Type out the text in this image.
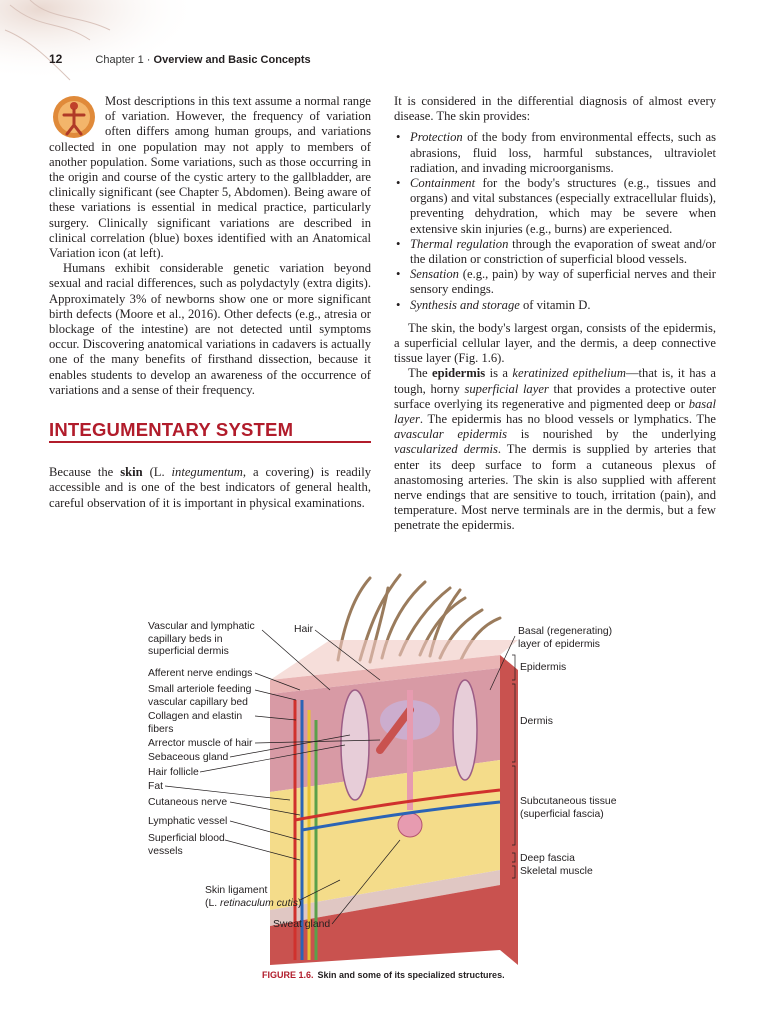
12	Chapter 1 · Overview and Basic Concepts

Most descriptions in this text assume a normal range of variation. However, the frequency of variation often differs among human groups, and variations collected in one population may not apply to members of another population. Some variations, such as those occurring in the origin and course of the cystic artery to the gallbladder, are clinically significant (see Chapter 5, Abdomen). Being aware of these variations is essential in medical practice, particularly surgery. Clinically significant variations are described in clinical correlation (blue) boxes identified with an Anatomical Variation icon (at left).

Humans exhibit considerable genetic variation beyond sexual and racial differences, such as polydactyly (extra digits). Approximately 3% of newborns show one or more significant birth defects (Moore et al., 2016). Other defects (e.g., atresia or blockage of the intestine) are not detected until symptoms occur. Discovering anatomical variations in cadavers is actually one of the many benefits of firsthand dissection, because it enables students to develop an awareness of the occurrence of variations and a sense of their frequency.

INTEGUMENTARY SYSTEM

Because the skin (L. integumentum, a covering) is readily accessible and is one of the best indicators of general health, careful observation of it is important in physical examinations.

It is considered in the differential diagnosis of almost every disease. The skin provides:

• Protection of the body from environmental effects, such as abrasions, fluid loss, harmful substances, ultraviolet radiation, and invading microorganisms.
• Containment for the body's structures (e.g., tissues and organs) and vital substances (especially extracellular fluids), preventing dehydration, which may be severe when extensive skin injuries (e.g., burns) are experienced.
• Thermal regulation through the evaporation of sweat and/or the dilation or constriction of superficial blood vessels.
• Sensation (e.g., pain) by way of superficial nerves and their sensory endings.
• Synthesis and storage of vitamin D.

The skin, the body's largest organ, consists of the epidermis, a superficial cellular layer, and the dermis, a deep connective tissue layer (Fig. 1.6).

The epidermis is a keratinized epithelium—that is, it has a tough, horny superficial layer that provides a protective outer surface overlying its regenerative and pigmented deep or basal layer. The epidermis has no blood vessels or lymphatics. The avascular epidermis is nourished by the underlying vascularized dermis. The dermis is supplied by arteries that enter its deep surface to form a cutaneous plexus of anastomosing arteries. The skin is also supplied with afferent nerve endings that are sensitive to touch, irritation (pain), and temperature. Most nerve terminals are in the dermis, but a few penetrate the epidermis.

Vascular and lymphatic capillary beds in superficial dermis
Afferent nerve endings
Small arteriole feeding vascular capillary bed
Collagen and elastin fibers
Arrector muscle of hair
Sebaceous gland
Hair follicle
Fat
Cutaneous nerve
Lymphatic vessel
Superficial blood vessels
Hair
Skin ligament
(L. retinaculum cutis)
Sweat gland
Basal (regenerating) layer of epidermis
Epidermis
Dermis
Subcutaneous tissue (superficial fascia)
Deep fascia
Skeletal muscle
FIGURE 1.6. Skin and some of its specialized structures.
